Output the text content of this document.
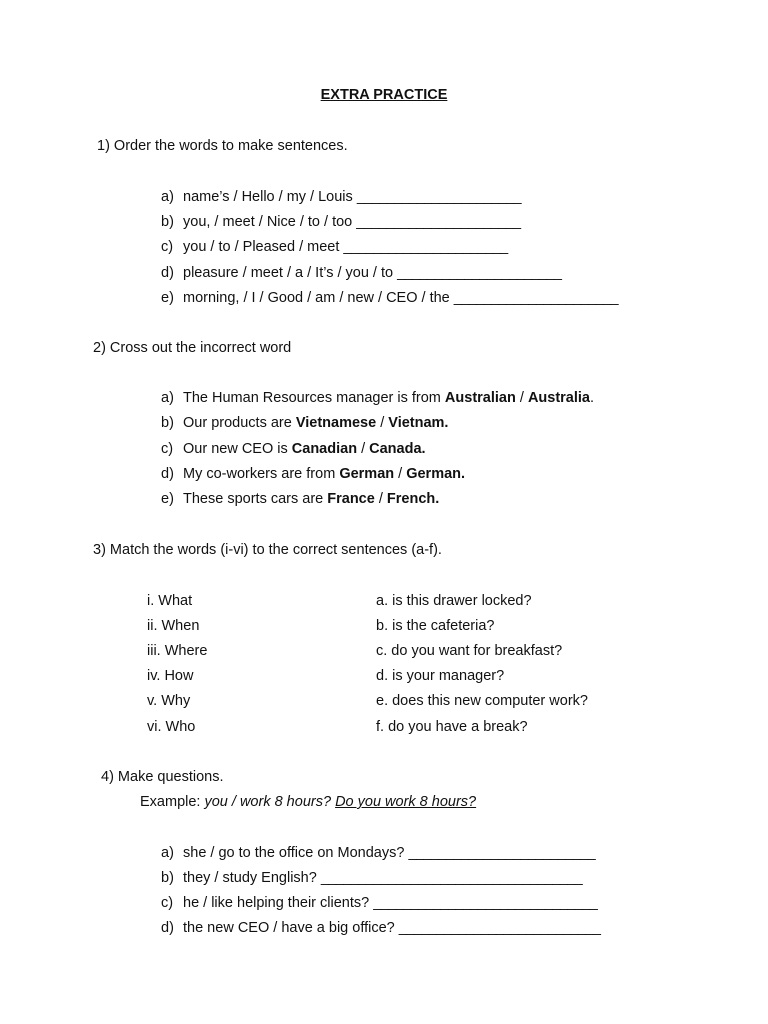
EXTRA PRACTICE
1) Order the words to make sentences.
a) name’s / Hello / my / Louis ______________________
b) you, / meet / Nice / to / too ______________________
c) you / to / Pleased / meet ______________________
d) pleasure / meet / a / It’s / you / to ______________________
e) morning, / I / Good / am / new / CEO / the ______________________
2) Cross out the incorrect word
a) The Human Resources manager is from Australian / Australia.
b) Our products are Vietnamese / Vietnam.
c) Our new CEO is Canadian / Canada.
d) My co-workers are from German / German.
e) These sports cars are France / French.
3) Match the words (i-vi) to the correct sentences (a-f).
i. What
ii. When
iii. Where
iv. How
v. Why
vi. Who
a. is this drawer locked?
b. is the cafeteria?
c. do you want for breakfast?
d. is your manager?
e. does this new computer work?
f. do you have a break?
4) Make questions.
Example: you / work 8 hours? Do you work 8 hours?
a) she / go to the office on Mondays? _________________________
b) they / study English? ___________________________________
c) he / like helping their clients? ______________________________
d) the new CEO / have a big office? ___________________________
